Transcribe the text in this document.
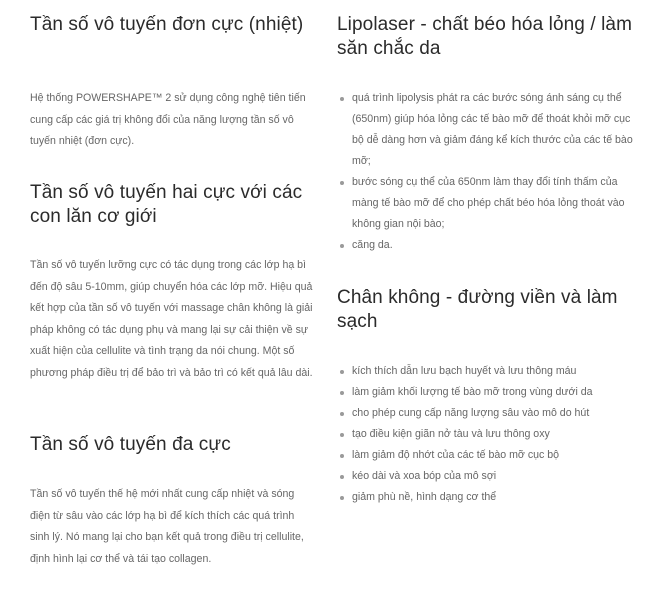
Tần số vô tuyến đơn cực (nhiệt)

Hệ thống POWERSHAPE™ 2 sử dụng công nghệ tiên tiến cung cấp các giá trị không đổi của năng lượng tần số vô tuyến nhiệt (đơn cực).

Tần số vô tuyến hai cực với các con lăn cơ giới

Tần số vô tuyến lưỡng cực có tác dụng trong các lớp hạ bì đến độ sâu 5-10mm, giúp chuyển hóa các lớp mỡ. Hiệu quả kết hợp của tần số vô tuyến với massage chân không là giải pháp không có tác dụng phụ và mang lại sự cải thiện về sự xuất hiện của cellulite và tình trạng da nói chung. Một số phương pháp điều trị để bảo trì và bảo trì có kết quả lâu dài.

Tần số vô tuyến đa cực

Tần số vô tuyến thế hệ mới nhất cung cấp nhiệt và sóng điện từ sâu vào các lớp hạ bì để kích thích các quá trình sinh lý. Nó mang lại cho bạn kết quả trong điều trị cellulite, định hình lại cơ thể và tái tạo collagen.

Lipolaser - chất béo hóa lỏng / làm săn chắc da
quá trình lipolysis phát ra các bước sóng ánh sáng cụ thể (650nm) giúp hóa lỏng các tế bào mỡ để thoát khỏi mỡ cục bộ dễ dàng hơn và giảm đáng kể kích thước của các tế bào mỡ;
bước sóng cụ thể của 650nm làm thay đổi tính thấm của màng tế bào mỡ để cho phép chất béo hóa lỏng thoát vào không gian nội bào;
căng da.
Chân không - đường viền và làm sạch
kích thích dẫn lưu bạch huyết và lưu thông máu
làm giảm khối lượng tế bào mỡ trong vùng dưới da
cho phép cung cấp năng lượng sâu vào mô do hút
tạo điều kiện giãn nở tàu và lưu thông oxy
làm giảm độ nhớt của các tế bào mỡ cục bộ
kéo dài và xoa bóp của mô sợi
giảm phù nề, hình dạng cơ thể
